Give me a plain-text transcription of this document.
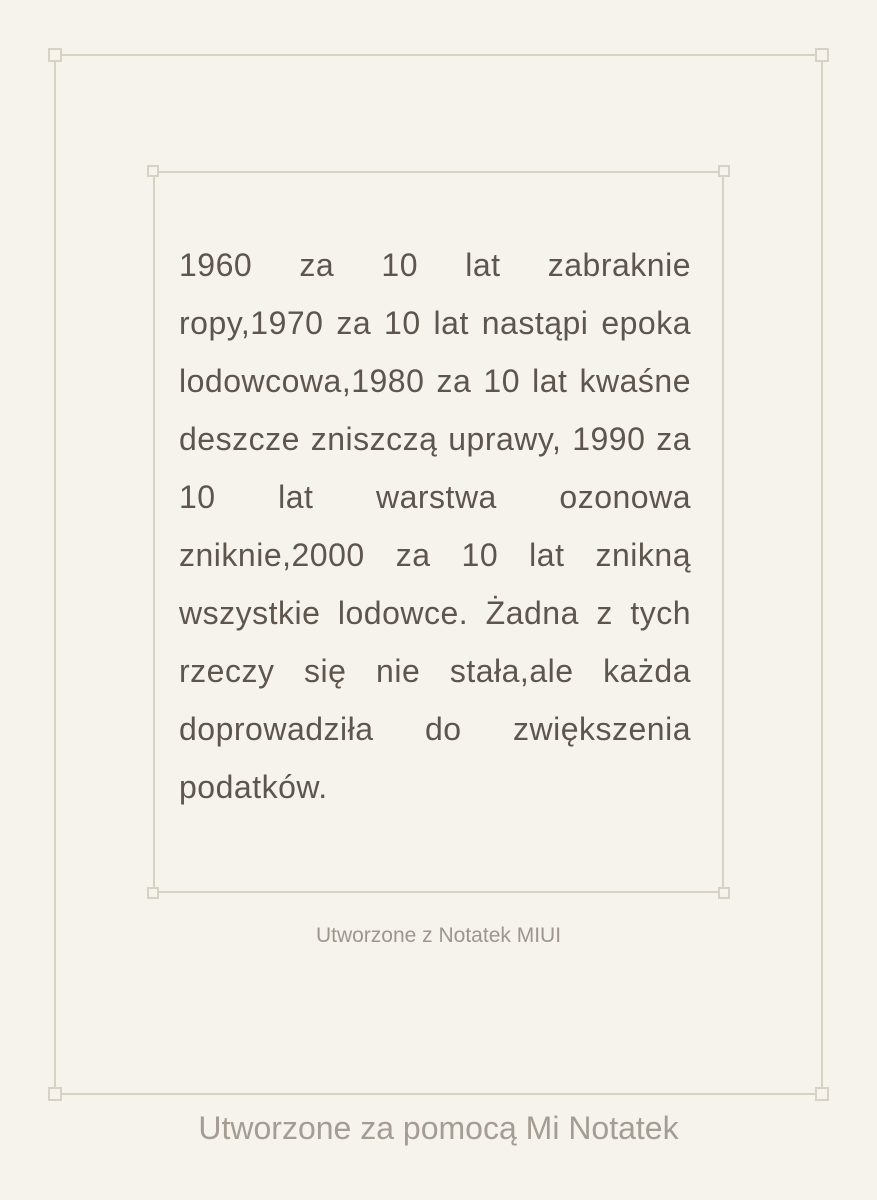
1960 za 10 lat zabraknie ropy,1970 za 10 lat nastąpi epoka lodowcowa,1980 za 10 lat kwaśne deszcze zniszczą uprawy, 1990 za 10 lat warstwa ozonowa zniknie,2000 za 10 lat znikną wszystkie lodowce. Żadna z tych rzeczy się nie stała,ale każda doprowadziła do zwiększenia podatków.

Utworzone z Notatek MIUI
Utworzone za pomocą Mi Notatek
